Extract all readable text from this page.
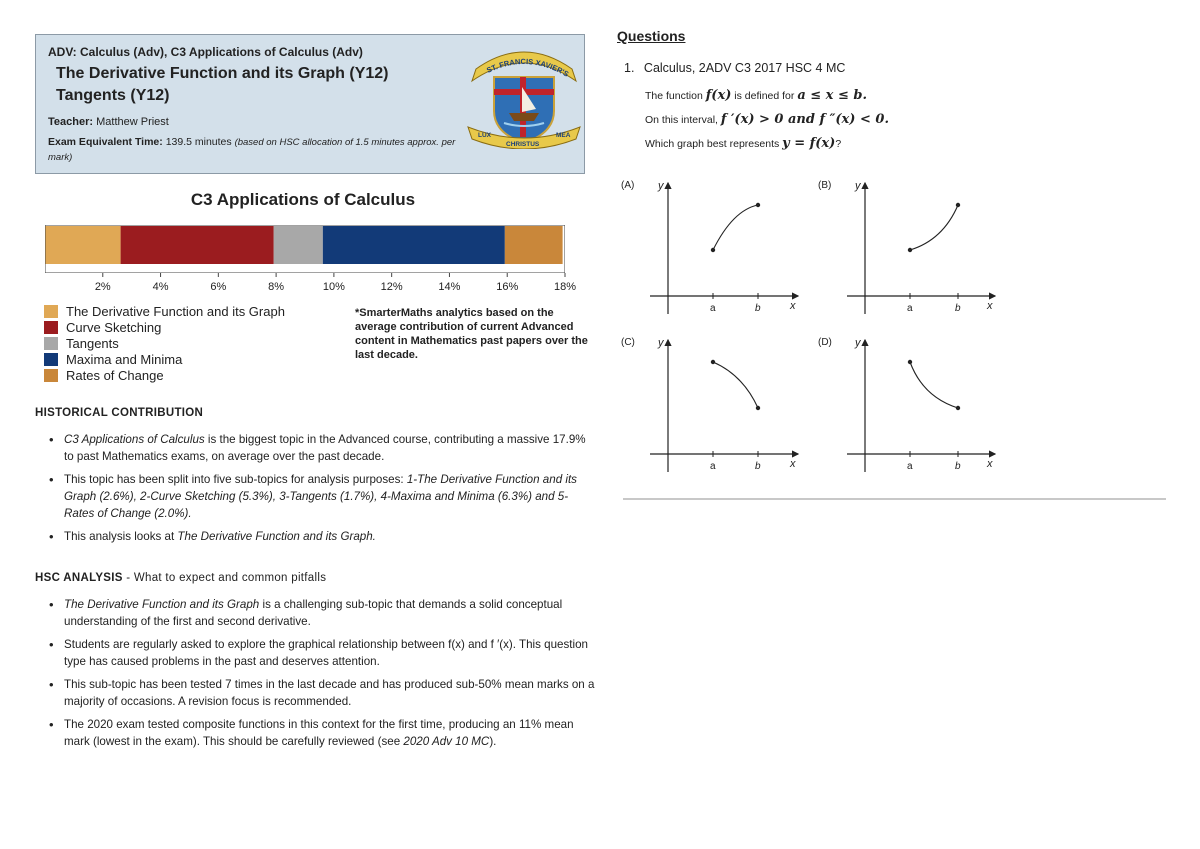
ADV: Calculus (Adv), C3 Applications of Calculus (Adv)
The Derivative Function and its Graph (Y12)
Tangents (Y12)
Teacher: Matthew Priest
Exam Equivalent Time: 139.5 minutes (based on HSC allocation of 1.5 minutes approx. per mark)
ST. FRANCIS XAVIER'S
LUX
CHRISTUS
MEA
C3 Applications of Calculus
2%	4%	6%	8%	10%	12%	14%	16%	18%
The Derivative Function and its Graph
Curve Sketching
Tangents
Maxima and Minima
Rates of Change
*SmarterMaths analytics based on the average contribution of current Advanced content in Mathematics past papers over the last decade.
HISTORICAL CONTRIBUTION
• C3 Applications of Calculus is the biggest topic in the Advanced course, contributing a massive 17.9% to past Mathematics exams, on average over the past decade.
• This topic has been split into five sub-topics for analysis purposes: 1-The Derivative Function and its Graph (2.6%), 2-Curve Sketching (5.3%), 3-Tangents (1.7%), 4-Maxima and Minima (6.3%) and 5-Rates of Change (2.0%).
• This analysis looks at The Derivative Function and its Graph.
HSC ANALYSIS - What to expect and common pitfalls
• The Derivative Function and its Graph is a challenging sub-topic that demands a solid conceptual understanding of the first and second derivative.
• Students are regularly asked to explore the graphical relationship between f(x) and f ′(x). This question type has caused problems in the past and deserves attention.
• This sub-topic has been tested 7 times in the last decade and has produced sub-50% mean marks on a majority of occasions. A revision focus is recommended.
• The 2020 exam tested composite functions in this context for the first time, producing an 11% mean mark (lowest in the exam). This should be carefully reviewed (see 2020 Adv 10 MC).
Questions
1. Calculus, 2ADV C3 2017 HSC 4 MC
The function f(x) is defined for a ≤ x ≤ b.
On this interval, f ′(x) > 0 and f ″(x) < 0.
Which graph best represents y = f(x)?
(A) y
x
a	b
(B) y
x
a	b
(C) y
x
a	b
(D) y
x
a	b
